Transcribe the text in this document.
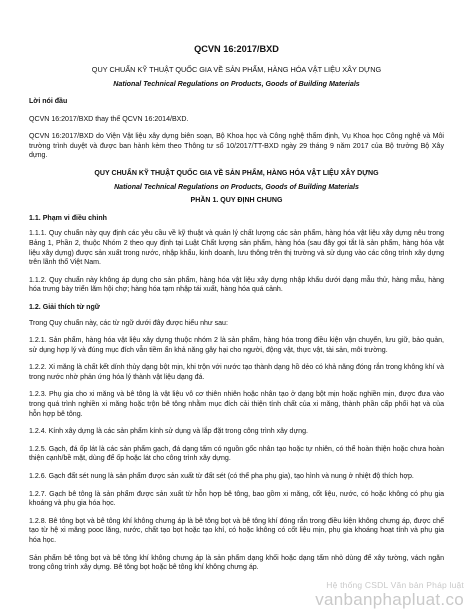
QCVN 16:2017/BXD
QUY CHUẨN KỸ THUẬT QUỐC GIA VỀ SẢN PHẨM, HÀNG HÓA VẬT LIỆU XÂY DỰNG
National Technical Regulations on Products, Goods of Building Materials
Lời nói đầu

QCVN 16:2017/BXD thay thế QCVN 16:2014/BXD.

QCVN 16:2017/BXD do Viện Vật liệu xây dựng biên soạn, Bộ Khoa học và Công nghệ thẩm định, Vụ Khoa học Công nghệ và Môi trường trình duyệt và được ban hành kèm theo Thông tư số 10/2017/TT-BXD ngày 29 tháng 9 năm 2017 của Bộ trưởng Bộ Xây dựng.

QUY CHUẨN KỸ THUẬT QUỐC GIA VỀ SẢN PHẨM, HÀNG HÓA VẬT LIỆU XÂY DỰNG
National Technical Regulations on Products, Goods of Building Materials
PHẦN 1. QUY ĐỊNH CHUNG
1.1. Phạm vi điều chỉnh

1.1.1. Quy chuẩn này quy định các yêu cầu về kỹ thuật và quản lý chất lượng các sản phẩm, hàng hóa vật liệu xây dựng nêu trong Bảng 1, Phần 2, thuộc Nhóm 2 theo quy định tại Luật Chất lượng sản phẩm, hàng hóa (sau đây gọi tắt là sản phẩm, hàng hóa vật liệu xây dựng) được sản xuất trong nước, nhập khẩu, kinh doanh, lưu thông trên thị trường và sử dụng vào các công trình xây dựng trên lãnh thổ Việt Nam.

1.1.2. Quy chuẩn này không áp dụng cho sản phẩm, hàng hóa vật liệu xây dựng nhập khẩu dưới dạng mẫu thử, hàng mẫu, hàng hóa trưng bày triển lãm hội chợ; hàng hóa tạm nhập tái xuất, hàng hóa quá cảnh.

1.2. Giải thích từ ngữ

Trong Quy chuẩn này, các từ ngữ dưới đây được hiểu như sau:

1.2.1. Sản phẩm, hàng hóa vật liệu xây dựng thuộc nhóm 2 là sản phẩm, hàng hóa trong điều kiện vận chuyển, lưu giữ, bảo quản, sử dụng hợp lý và đúng mục đích vẫn tiềm ẩn khả năng gây hại cho người, động vật, thực vật, tài sản, môi trường.

1.2.2. Xi măng là chất kết dính thủy dạng bột mịn, khi trộn với nước tạo thành dạng hồ dẻo có khả năng đóng rắn trong không khí và trong nước nhờ phản ứng hóa lý thành vật liệu dạng đá.

1.2.3. Phụ gia cho xi măng và bê tông là vật liệu vô cơ thiên nhiên hoặc nhân tạo ở dạng bột mịn hoặc nghiền mịn, được đưa vào trong quá trình nghiền xi măng hoặc trộn bê tông nhằm mục đích cải thiện tính chất của xi măng, thành phần cấp phối hạt và của hỗn hợp bê tông.

1.2.4. Kính xây dựng là các sản phẩm kính sử dụng và lắp đặt trong công trình xây dựng.

1.2.5. Gạch, đá ốp lát là các sản phẩm gạch, đá dạng tấm có nguồn gốc nhân tạo hoặc tự nhiên, có thể hoàn thiện hoặc chưa hoàn thiện cạnh/bề mặt, dùng để ốp hoặc lát cho công trình xây dựng.

1.2.6. Gạch đất sét nung là sản phẩm được sản xuất từ đất sét (có thể pha phụ gia), tạo hình và nung ở nhiệt độ thích hợp.

1.2.7. Gạch bê tông là sản phẩm được sản xuất từ hỗn hợp bê tông, bao gồm xi măng, cốt liệu, nước, có hoặc không có phụ gia khoáng và phụ gia hóa học.

1.2.8. Bê tông bọt và bê tông khí không chưng áp là bê tông bọt và bê tông khí đóng rắn trong điều kiện không chưng áp, được chế tạo từ hệ xi măng pooc lăng, nước, chất tạo bọt hoặc tạo khí, có hoặc không có cốt liệu mịn, phụ gia khoáng hoạt tính và phụ gia hóa học.

Sản phẩm bê tông bọt và bê tông khí không chưng áp là sản phẩm dạng khối hoặc dạng tấm nhỏ dùng để xây tường, vách ngăn trong công trình xây dựng. Bê tông bọt hoặc bê tông khí không chưng áp.

Hệ thống CSDL Văn bản Pháp luật
vanbanphapluat.co
